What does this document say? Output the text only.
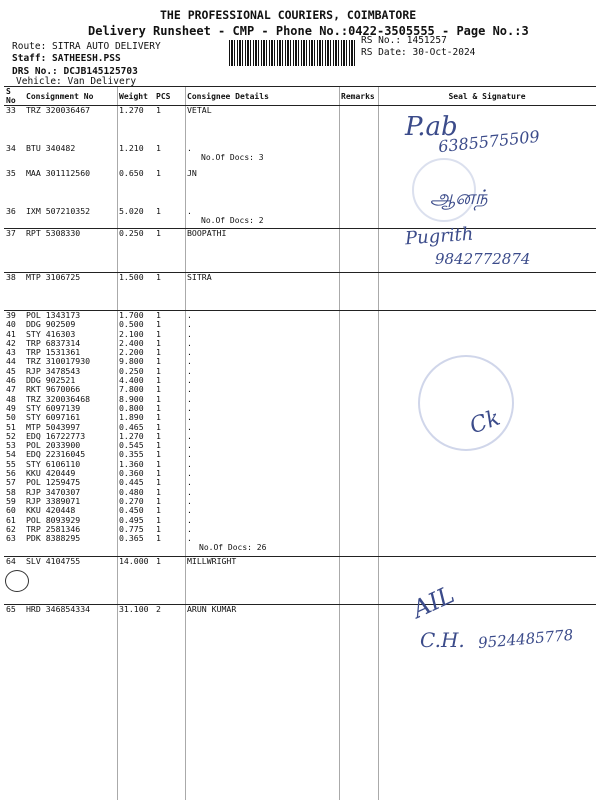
THE PROFESSIONAL COURIERS, COIMBATORE
Delivery Runsheet - CMP - Phone No.:0422-3505555 - Page No.:3
Route: SITRA AUTO DELIVERY
Staff: SATHEESH.PSS
DRS No.: DCJB145125703
Vehicle: Van Delivery
RS No.: 1451257
RS Date: 30-Oct-2024
S No	Consignment No	Weight	PCS	Consignee Details	Remarks	Seal & Signature
33	TRZ 320036467	1.270	1	VETAL		
34	BTU 340482	1.210	1	.
No.Of Docs: 3		

35	MAA 301112560	0.650	1	JN		
36	IXM 507210352	5.020	1	.
No.Of Docs: 2		

37	RPT 5308330	0.250	1	BOOPATHI		
38	MTP 3106725	1.500	1	SITRA		
39	POL 1343173	1.700	1	.		
40	DDG 902509	0.500	1	.		
41	STY 416303	2.100	1	.		
42	TRP 6837314	2.400	1	.		
43	TRP 1531361	2.200	1	.		
44	TRZ 310017930	9.800	1	.		
45	RJP 3478543	0.250	1	.		
46	DDG 902521	4.400	1	.		
47	RKT 9670066	7.800	1	.		
48	TRZ 320036468	8.900	1	.		
49	STY 6097139	0.800	1	.		
50	STY 6097161	1.890	1	.		
51	MTP 5043997	0.465	1	.		
52	EDQ 16722773	1.270	1	.		
53	POL 2033900	0.545	1	.		
54	EDQ 22316045	0.355	1	.		
55	STY 6106110	1.360	1	.		
56	KKU 420449	0.360	1	.		
57	POL 1259475	0.445	1	.		
58	RJP 3470307	0.480	1	.		
59	RJP 3389071	0.270	1	.		
60	KKU 420448	0.450	1	.		
61	POL 8093929	0.495	1	.		
62	TRP 2581346	0.775	1	.		
63	PDK 8388295	0.365	1	.		
				No.Of Docs: 26		
64	SLV 4104755	14.000	1	MILLWRIGHT		
65	HRD 346854334	31.100	2	ARUN KUMAR		
P.ab
6385575509
ஆனந்
Pugrith
9842772874
Ck
AIL
C.H. 9524485778
